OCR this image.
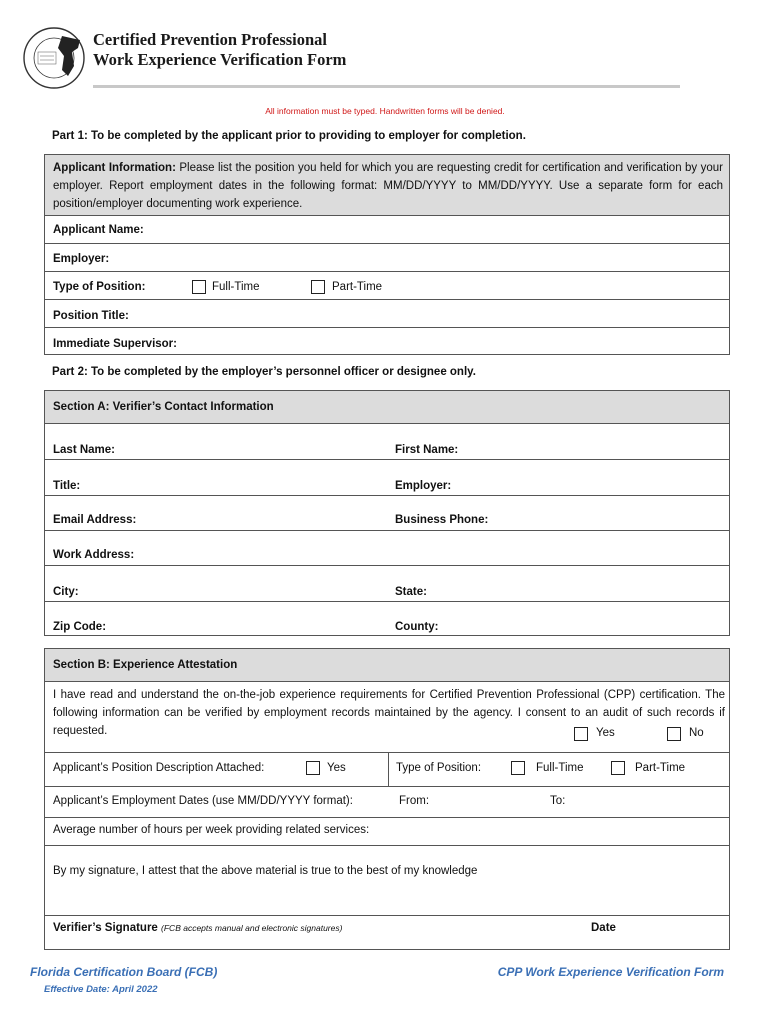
Certified Prevention Professional
Work Experience Verification Form
All information must be typed. Handwritten forms will be denied.
Part 1: To be completed by the applicant prior to providing to employer for completion.
Applicant Information: Please list the position you held for which you are requesting credit for certification and verification by your employer. Report employment dates in the following format: MM/DD/YYYY to MM/DD/YYYY. Use a separate form for each position/employer documenting work experience.
Applicant Name:
Employer:
Type of Position:	Full-Time	Part-Time
Position Title:
Immediate Supervisor:
Part 2: To be completed by the employer’s personnel officer or designee only.
Section A: Verifier’s Contact Information
Last Name:	First Name:
Title:	Employer:
Email Address:	Business Phone:
Work Address:
City:	State:
Zip Code:	County:
Section B: Experience Attestation
I have read and understand the on-the-job experience requirements for Certified Prevention Professional (CPP) certification. The following information can be verified by employment records maintained by the agency. I consent to an audit of such records if requested.	Yes	No
Applicant’s Position Description Attached:	Yes	Type of Position:	Full-Time	Part-Time
Applicant’s Employment Dates (use MM/DD/YYYY format):	From:	To:
Average number of hours per week providing related services:
By my signature, I attest that the above material is true to the best of my knowledge
Verifier’s Signature (FCB accepts manual and electronic signatures)	Date
Florida Certification Board (FCB)
Effective Date: April 2022
CPP Work Experience Verification Form
